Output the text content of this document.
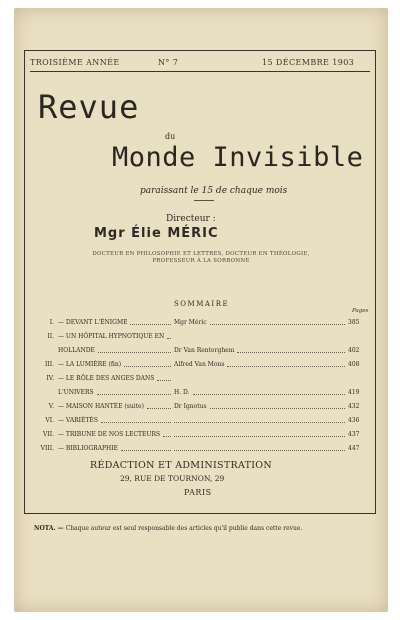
TROISIÈME ANNÉE	N° 7	15 DÉCEMBRE 1903
Revue
du
Monde Invisible
paraissant le 15 de chaque mois
Directeur :
Mgr Élie MÉRIC
DOCTEUR EN PHILOSOPHIE ET LETTRES, DOCTEUR EN THÉOLOGIE,
PROFESSEUR À LA SORBONNE
SOMMAIRE
Pages
I. — DEVANT L'ÉNIGME	Mgr Méric	385
II. — UN HÔPITAL HYPNOTIQUE EN
HOLLANDE	Dr Van Renterghem	402
III. — LA LUMIÈRE (fin)	Alfred Van Mons	408
IV. — LE RÔLE DES ANGES DANS
L'UNIVERS	H. D.	419
V. — MAISON HANTÉE (suite)	Dr Ignotus	432
VI. — VARIÉTÉS	436
VII. — TRIBUNE DE NOS LECTEURS	437
VIII. — BIBLIOGRAPHIE	447
RÉDACTION ET ADMINISTRATION
29, RUE DE TOURNON, 29
PARIS
NOTA. — Chaque auteur est seul responsable des articles qu'il publie dans cette revue.
